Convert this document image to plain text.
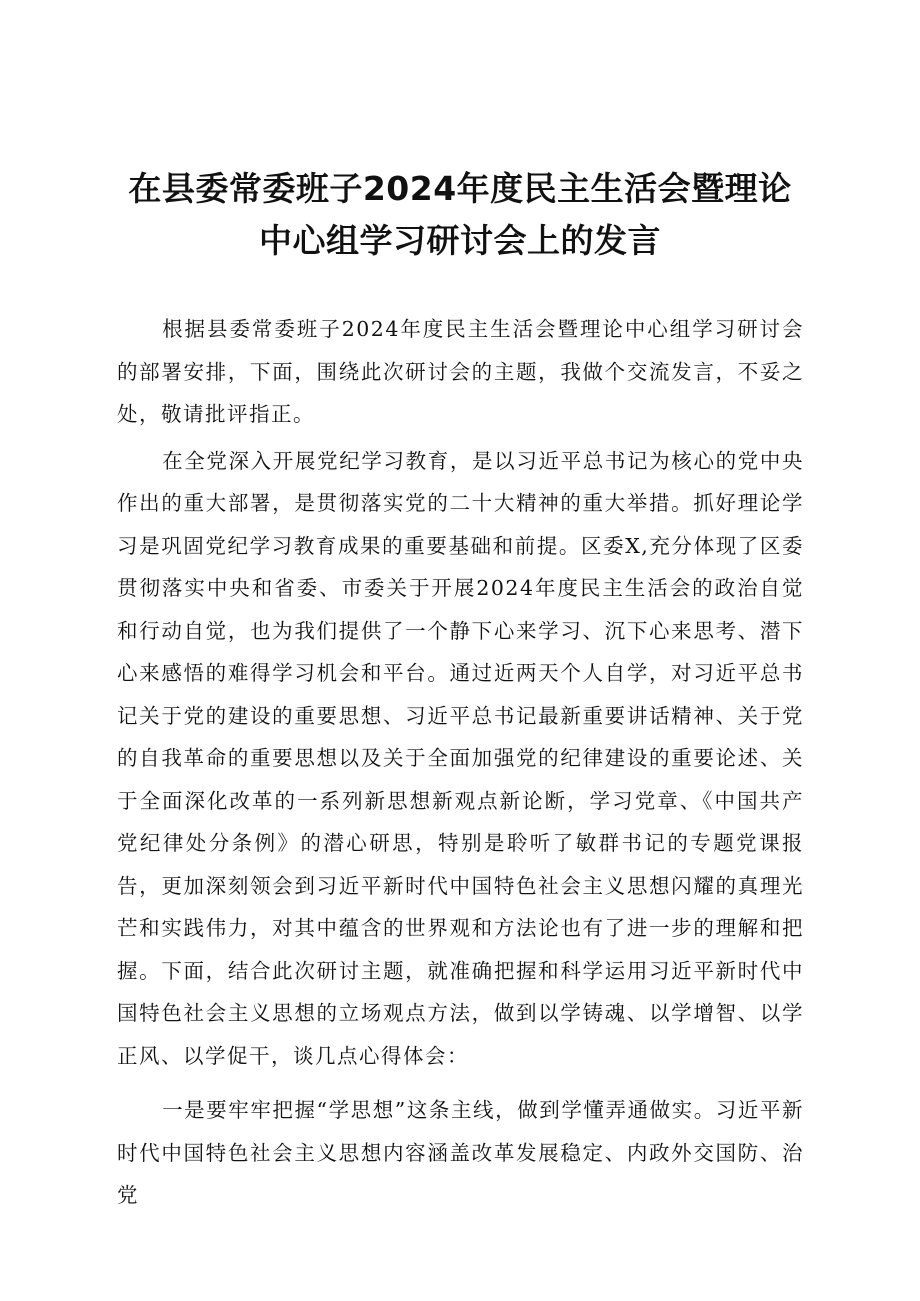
在县委常委班子2024年度民主生活会暨理论
中心组学习研讨会上的发言

根据县委常委班子2024年度民主生活会暨理论中心组学习研讨会的部署安排，下面，围绕此次研讨会的主题，我做个交流发言，不妥之处，敬请批评指正。

在全党深入开展党纪学习教育，是以习近平总书记为核心的党中央作出的重大部署，是贯彻落实党的二十大精神的重大举措。抓好理论学习是巩固党纪学习教育成果的重要基础和前提。区委X,充分体现了区委贯彻落实中央和省委、市委关于开展2024年度民主生活会的政治自觉和行动自觉，也为我们提供了一个静下心来学习、沉下心来思考、潜下心来感悟的难得学习机会和平台。通过近两天个人自学，对习近平总书记关于党的建设的重要思想、习近平总书记最新重要讲话精神、关于党的自我革命的重要思想以及关于全面加强党的纪律建设的重要论述、关于全面深化改革的一系列新思想新观点新论断，学习党章、《中国共产党纪律处分条例》的潜心研思，特别是聆听了敏群书记的专题党课报告，更加深刻领会到习近平新时代中国特色社会主义思想闪耀的真理光芒和实践伟力，对其中蕴含的世界观和方法论也有了进一步的理解和把握。下面，结合此次研讨主题，就准确把握和科学运用习近平新时代中国特色社会主义思想的立场观点方法，做到以学铸魂、以学增智、以学正风、以学促干，谈几点心得体会：

一是要牢牢把握“学思想”这条主线，做到学懂弄通做实。习近平新时代中国特色社会主义思想内容涵盖改革发展稳定、内政外交国防、治党
